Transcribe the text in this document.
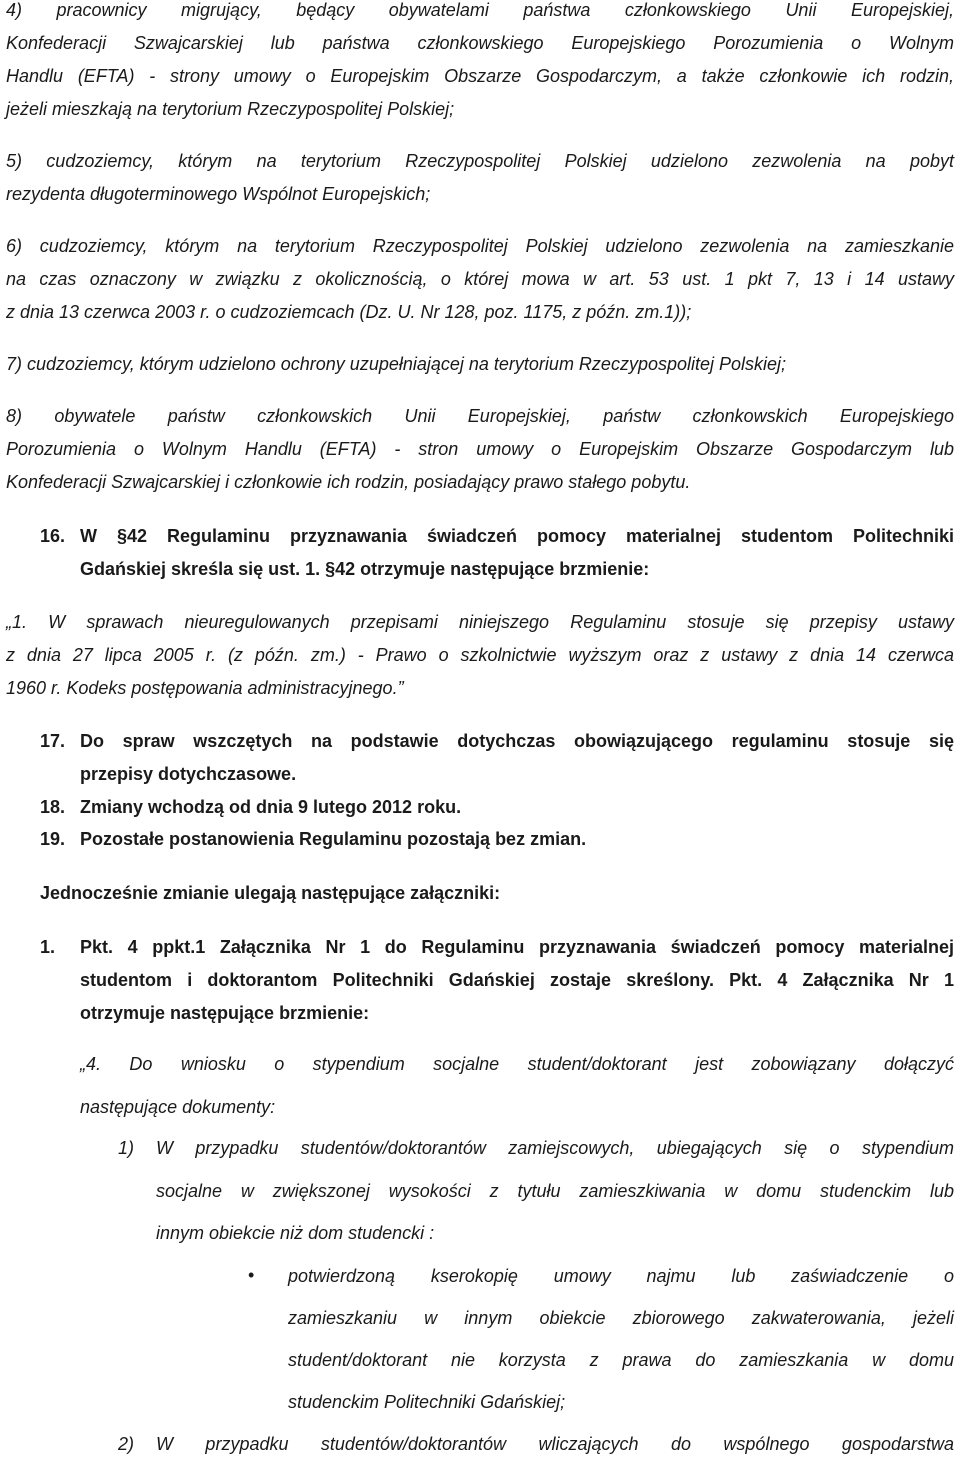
4) pracownicy migrujący, będący obywatelami państwa członkowskiego Unii Europejskiej,

Konfederacji Szwajcarskiej lub państwa członkowskiego Europejskiego Porozumienia o Wolnym

Handlu (EFTA) - strony umowy o Europejskim Obszarze Gospodarczym, a także członkowie ich rodzin,

jeżeli mieszkają na terytorium Rzeczypospolitej Polskiej;

5) cudzoziemcy, którym na terytorium Rzeczypospolitej Polskiej udzielono zezwolenia na pobyt

rezydenta długoterminowego Wspólnot Europejskich;

6) cudzoziemcy, którym na terytorium Rzeczypospolitej Polskiej udzielono zezwolenia na zamieszkanie

na czas oznaczony w związku z okolicznością, o której mowa w art. 53 ust. 1 pkt 7, 13 i 14 ustawy

z dnia 13 czerwca 2003 r. o cudzoziemcach (Dz. U. Nr 128, poz. 1175, z późn. zm.1));

7) cudzoziemcy, którym udzielono ochrony uzupełniającej na terytorium Rzeczypospolitej Polskiej;

8) obywatele państw członkowskich Unii Europejskiej, państw członkowskich Europejskiego

Porozumienia o Wolnym Handlu (EFTA) - stron umowy o Europejskim Obszarze Gospodarczym lub

Konfederacji Szwajcarskiej i członkowie ich rodzin, posiadający prawo stałego pobytu.

16. W §42 Regulaminu przyznawania świadczeń pomocy materialnej studentom Politechniki

Gdańskiej skreśla się ust. 1. §42 otrzymuje następujące brzmienie:

„1. W sprawach nieuregulowanych przepisami niniejszego Regulaminu stosuje się przepisy ustawy

z dnia 27 lipca 2005 r. (z późn. zm.) - Prawo o szkolnictwie wyższym oraz z ustawy z dnia 14 czerwca

1960 r. Kodeks postępowania administracyjnego.”

17. Do spraw wszczętych na podstawie dotychczas obowiązującego regulaminu stosuje się

przepisy dotychczasowe.

18. Zmiany wchodzą od dnia 9 lutego 2012 roku.

19. Pozostałe postanowienia Regulaminu pozostają bez zmian.

Jednocześnie zmianie ulegają następujące załączniki:

1. Pkt. 4 ppkt.1 Załącznika Nr 1 do Regulaminu przyznawania świadczeń pomocy materialnej

studentom i doktorantom Politechniki Gdańskiej zostaje skreślony. Pkt. 4 Załącznika Nr 1

otrzymuje następujące brzmienie:

„4. Do wniosku o stypendium socjalne student/doktorant jest zobowiązany dołączyć

następujące dokumenty:

1) W przypadku studentów/doktorantów zamiejscowych, ubiegających się o stypendium

socjalne w zwiększonej wysokości z tytułu zamieszkiwania w domu studenckim lub

innym obiekcie niż dom studencki :

• potwierdzoną kserokopię umowy najmu lub zaświadczenie o

zamieszkaniu w innym obiekcie zbiorowego zakwaterowania, jeżeli

student/doktorant nie korzysta z prawa do zamieszkania w domu

studenckim Politechniki Gdańskiej;

2) W przypadku studentów/doktorantów wliczających do wspólnego gospodarstwa
